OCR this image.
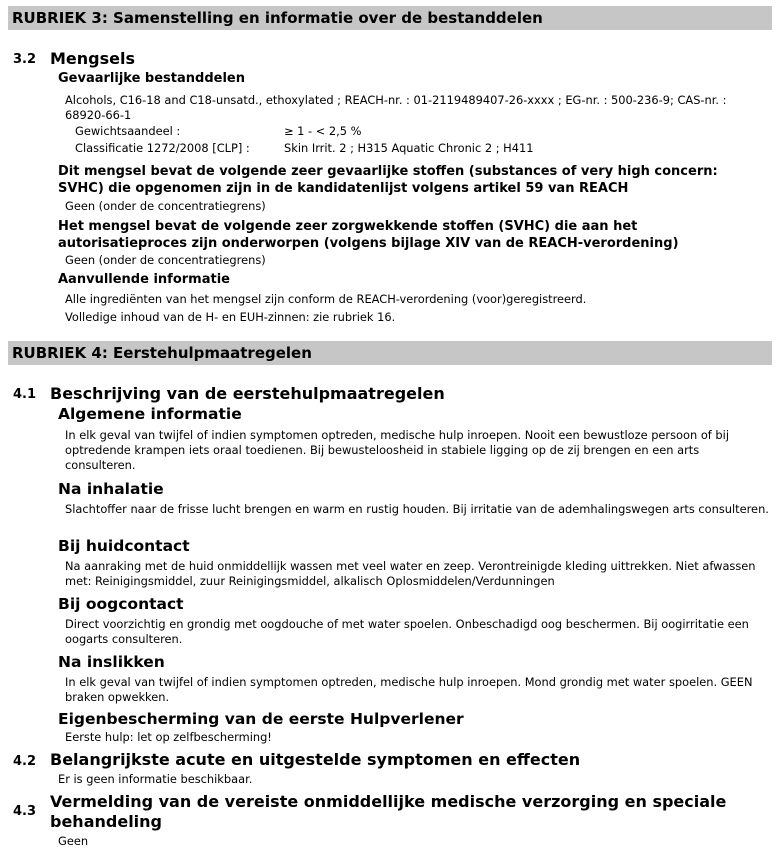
RUBRIEK 3: Samenstelling en informatie over de bestanddelen
3.2 Mengsels
Gevaarlijke bestanddelen
Alcohols, C16-18 and C18-unsatd., ethoxylated ; REACH-nr. : 01-2119489407-26-xxxx ; EG-nr. : 500-236-9; CAS-nr. : 68920-66-1
Gewichtsaandeel :	≥ 1 - < 2,5 %
Classificatie 1272/2008 [CLP] :	Skin Irrit. 2 ; H315 Aquatic Chronic 2 ; H411
Dit mengsel bevat de volgende zeer gevaarlijke stoffen (substances of very high concern: SVHC) die opgenomen zijn in de kandidatenlijst volgens artikel 59 van REACH
Geen (onder de concentratiegrens)
Het mengsel bevat de volgende zeer zorgwekkende stoffen (SVHC) die aan het autorisatieproces zijn onderworpen (volgens bijlage XIV van de REACH-verordening)
Geen (onder de concentratiegrens)
Aanvullende informatie
Alle ingrediënten van het mengsel zijn conform de REACH-verordening (voor)geregistreerd.
Volledige inhoud van de H- en EUH-zinnen: zie rubriek 16.
RUBRIEK 4: Eerstehulpmaatregelen
4.1 Beschrijving van de eerstehulpmaatregelen
Algemene informatie
In elk geval van twijfel of indien symptomen optreden, medische hulp inroepen. Nooit een bewustloze persoon of bij optredende krampen iets oraal toedienen. Bij bewusteloosheid in stabiele ligging op de zij brengen en een arts consulteren.
Na inhalatie
Slachtoffer naar de frisse lucht brengen en warm en rustig houden. Bij irritatie van de ademhalingswegen arts consulteren.
Bij huidcontact
Na aanraking met de huid onmiddellijk wassen met veel water en zeep. Verontreinigde kleding uittrekken. Niet afwassen met: Reinigingsmiddel, zuur Reinigingsmiddel, alkalisch Oplosmiddelen/Verdunningen
Bij oogcontact
Direct voorzichtig en grondig met oogdouche of met water spoelen. Onbeschadigd oog beschermen. Bij oogirritatie een oogarts consulteren.
Na inslikken
In elk geval van twijfel of indien symptomen optreden, medische hulp inroepen. Mond grondig met water spoelen. GEEN braken opwekken.
Eigenbescherming van de eerste Hulpverlener
Eerste hulp: let op zelfbescherming!
4.2 Belangrijkste acute en uitgestelde symptomen en effecten
Er is geen informatie beschikbaar.
4.3
Vermelding van de vereiste onmiddellijke medische verzorging en speciale behandeling
Geen
